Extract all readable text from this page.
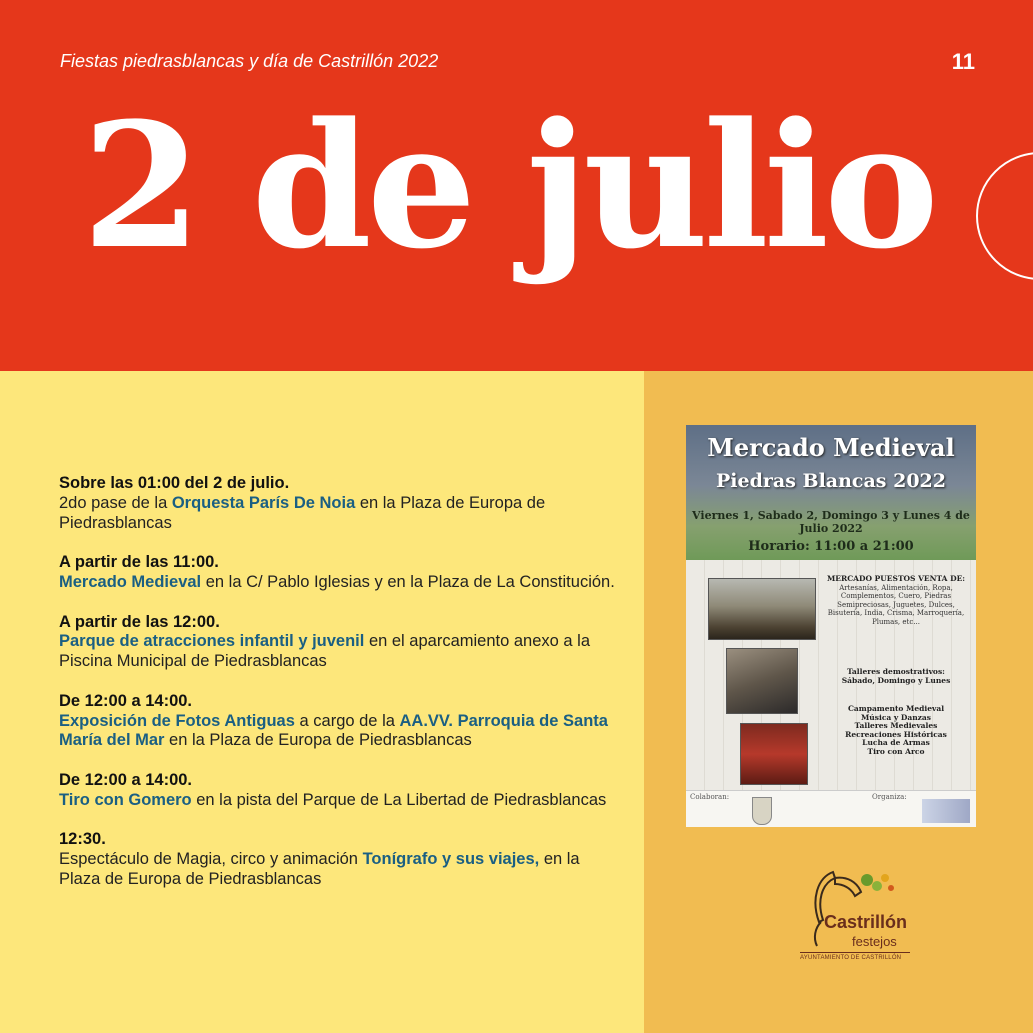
Fiestas piedrasblancas y día de Castrillón 2022	11
2 de julio
Sobre las 01:00 del 2 de julio.
2do pase de la Orquesta París De Noia en la Plaza de Europa de Piedrasblancas
A partir de las 11:00.
Mercado Medieval en la C/ Pablo Iglesias y en la Plaza de La Constitución.
A partir de las 12:00.
Parque de atracciones infantil y juvenil en el aparcamiento anexo a la Piscina Municipal de Piedrasblancas
De 12:00 a 14:00.
Exposición de Fotos Antiguas a cargo de la AA.VV. Parroquia de Santa María del Mar en la Plaza de Europa de Piedrasblancas
De 12:00 a 14:00.
Tiro con Gomero en la pista del Parque de La Libertad de Piedrasblancas
12:30.
Espectáculo de Magia, circo y animación Tonígrafo y sus viajes, en la Plaza de Europa de Piedrasblancas
Mercado Medieval
Piedras Blancas 2022
Viernes 1, Sabado 2, Domingo 3 y Lunes 4 de Julio 2022
Horario: 11:00 a 21:00
MERCADO PUESTOS VENTA DE:
Artesanías, Alimentación, Ropa, Complementos, Cuero, Piedras Semipreciosas, Juguetes, Dulces, Bisutería, India, Crisma, Marroquería, Plumas, etc...
Talleres demostrativos:
Sábado, Domingo y Lunes
Campamento Medieval
Música y Danzas
Talleres Medievales
Recreaciones Históricas
Lucha de Armas
Tiro con Arco
Colaboran:	Organiza:
Castrillón
festejos
AYUNTAMIENTO DE CASTRILLÓN
